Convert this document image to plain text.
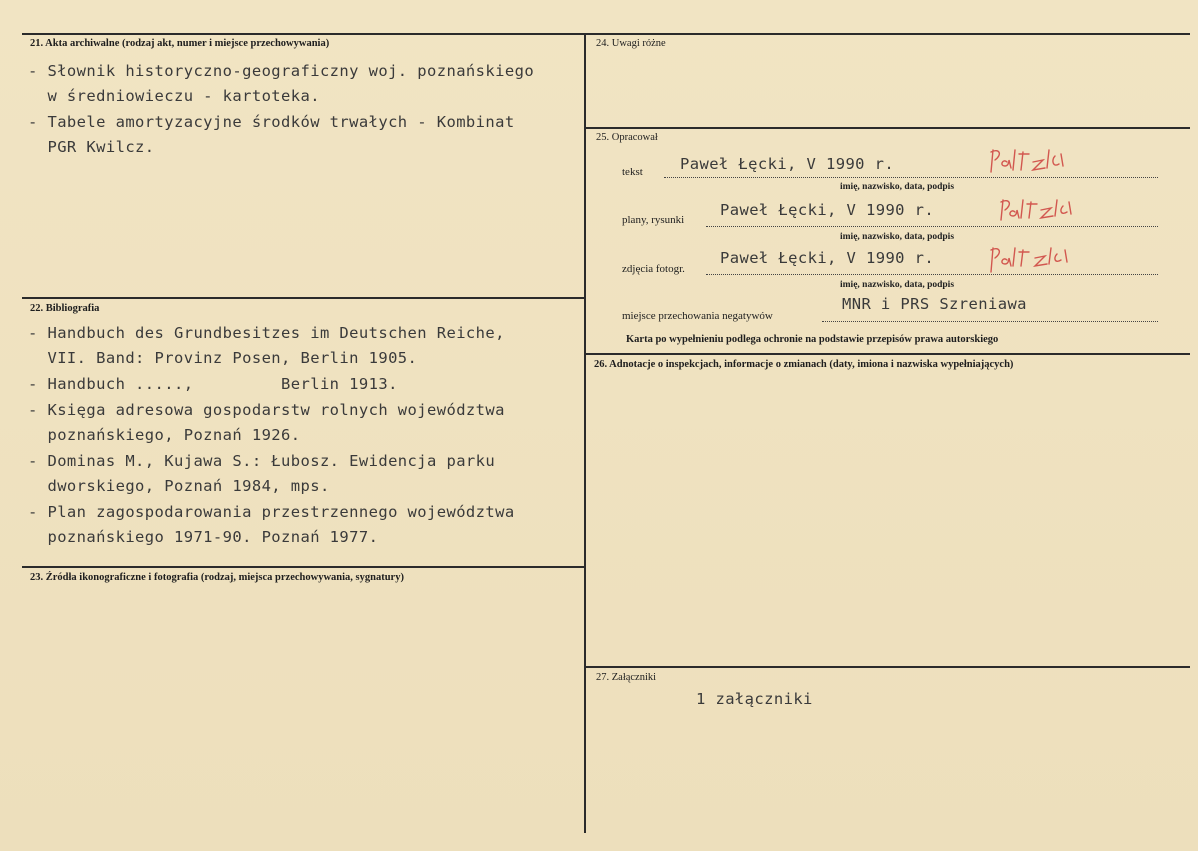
21. Akta archiwalne (rodzaj akt, numer i miejsce przechowywania)
- Słownik historyczno-geograficzny woj. poznańskiego
w średniowieczu - kartoteka.
- Tabele amortyzacyjne środków trwałych - Kombinat
PGR Kwilcz.
22. Bibliografia
- Handbuch des Grundbesitzes im Deutschen Reiche,
VII. Band: Provinz Posen, Berlin 1905.
- Handbuch .....,         Berlin 1913.
- Księga adresowa gospodarstw rolnych województwa
poznańskiego, Poznań 1926.
- Dominas M., Kujawa S.: Łubosz. Ewidencja parku
dworskiego, Poznań 1984, mps.
- Plan zagospodarowania przestrzennego województwa
poznańskiego 1971-90. Poznań 1977.
23. Źródła ikonograficzne i fotografia (rodzaj, miejsca przechowywania, sygnatury)
24. Uwagi różne
25. Opracował
tekst Paweł Łęcki, V 1990 r.
imię, nazwisko, data, podpis
plany, rysunki
Paweł Łęcki, V 1990 r.
imię, nazwisko, data, podpis
zdjęcia fotogr.
Paweł Łęcki, V 1990 r.
imię, nazwisko, data, podpis
miejsce przechowania negatywów
MNR i PRS Szreniawa
Karta po wypełnieniu podlega ochronie na podstawie przepisów prawa autorskiego
26. Adnotacje o inspekcjach, informacje o zmianach (daty, imiona i nazwiska wypełniających)
27. Załączniki
1 załączniki
